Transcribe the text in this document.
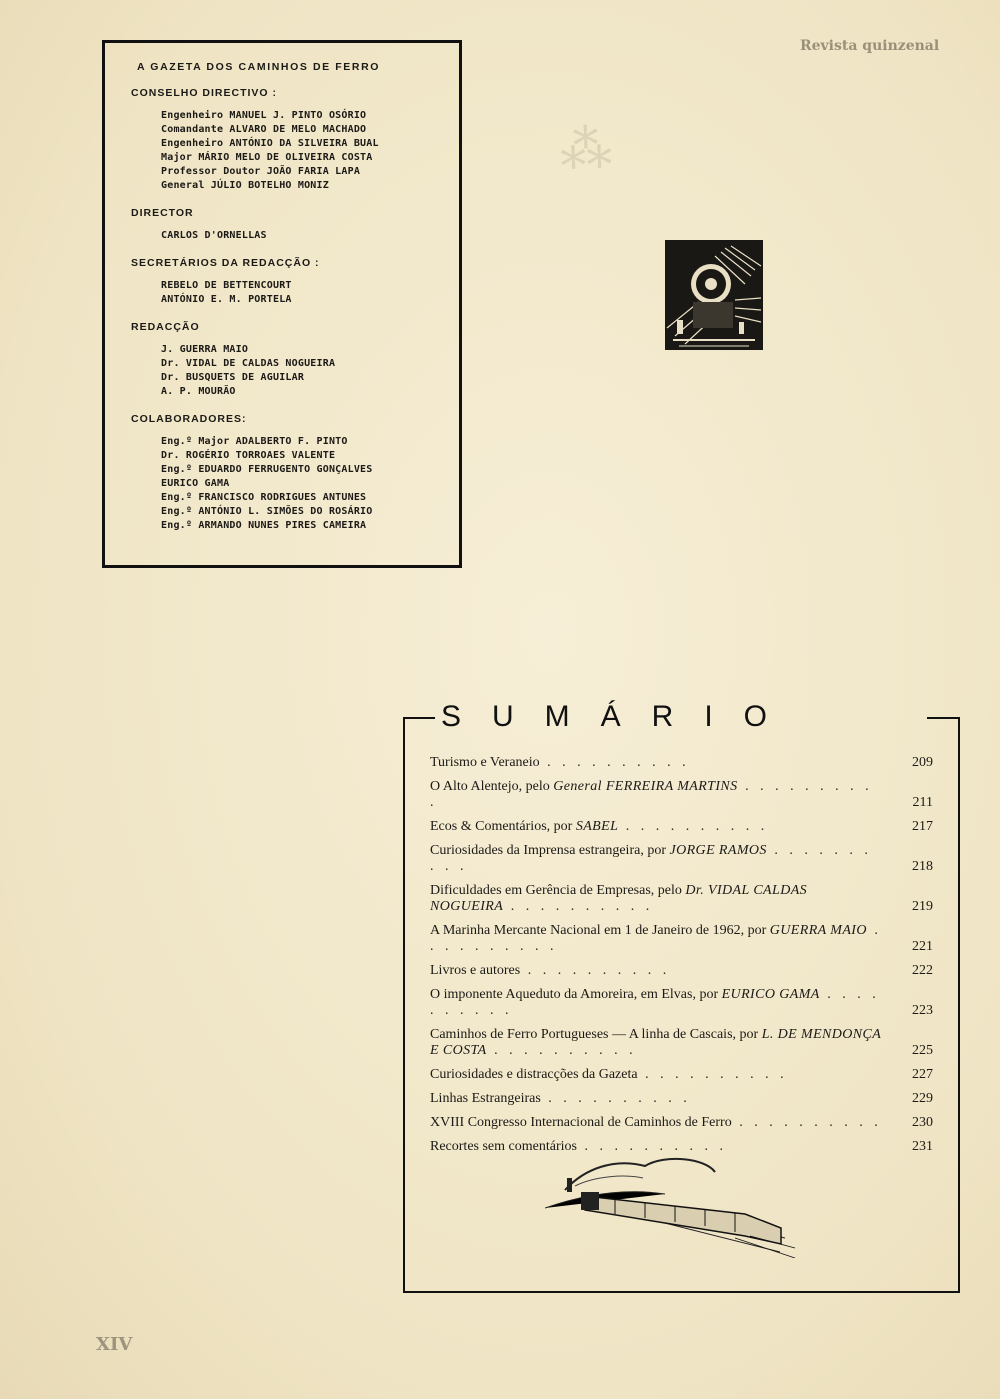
⁂
Revista quinzenal
A GAZETA DOS CAMINHOS DE FERRO
CONSELHO DIRECTIVO :
Engenheiro MANUEL J. PINTO OSÓRIO
Comandante ALVARO DE MELO MACHADO
Engenheiro ANTÓNIO DA SILVEIRA BUAL
Major MÁRIO MELO DE OLIVEIRA COSTA
Professor Doutor JOÃO FARIA LAPA
General JÚLIO BOTELHO MONIZ
DIRECTOR
CARLOS D'ORNELLAS
SECRETÁRIOS DA REDACÇÃO :
REBELO DE BETTENCOURT
ANTÓNIO E. M. PORTELA
REDACÇÃO
J. GUERRA MAIO
Dr. VIDAL DE CALDAS NOGUEIRA
Dr. BUSQUETS DE AGUILAR
A. P. MOURÃO
COLABORADORES:
Eng.º Major ADALBERTO F. PINTO
Dr. ROGÉRIO TORROAES VALENTE
Eng.º EDUARDO FERRUGENTO GONÇALVES
EURICO GAMA
Eng.º FRANCISCO RODRIGUES ANTUNES
Eng.º ANTÓNIO L. SIMÕES DO ROSÁRIO
Eng.º ARMANDO NUNES PIRES CAMEIRA
SUMÁRIO
Turismo e Veraneio . . . . . . . . . .	209
O Alto Alentejo, pelo General FERREIRA MARTINS . . . . . . . . . .	211
Ecos & Comentários, por SABEL . . . . . . . . . .	217
Curiosidades da Imprensa estrangeira, por JORGE RAMOS . . . . . . . . . .	218
Dificuldades em Gerência de Empresas, pelo Dr. VIDAL CALDAS NOGUEIRA . . . . . . . . . .	219
A Marinha Mercante Nacional em 1 de Janeiro de 1962, por GUERRA MAIO . . . . . . . . . .	221
Livros e autores . . . . . . . . . .	222
O imponente Aqueduto da Amoreira, em Elvas, por EURICO GAMA . . . . . . . . . .	223
Caminhos de Ferro Portugueses — A linha de Cascais, por L. DE MENDONÇA E COSTA . . . . . . . . . .	225
Curiosidades e distracções da Gazeta . . . . . . . . . .	227
Linhas Estrangeiras . . . . . . . . . .	229
XVIII Congresso Internacional de Caminhos de Ferro . . . . . . . . . .	230
Recortes sem comentários . . . . . . . . . .	231
XIV
